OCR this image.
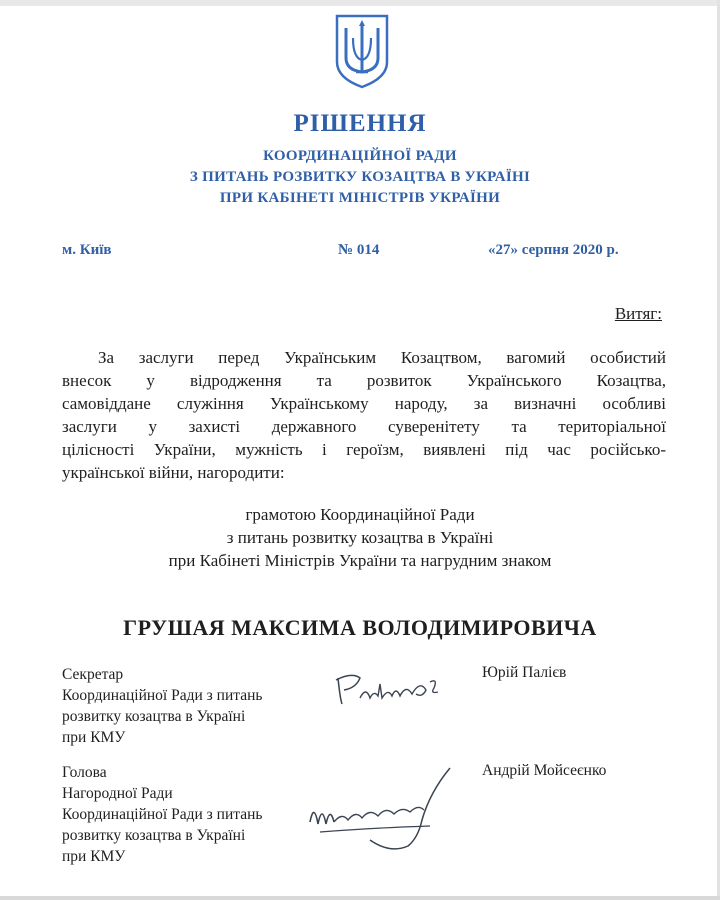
РІШЕННЯ
КООРДИНАЦІЙНОЇ РАДИ
З ПИТАНЬ РОЗВИТКУ КОЗАЦТВА В УКРАЇНІ
ПРИ КАБІНЕТІ МІНІСТРІВ УКРАЇНИ
м. Київ	№ 014	«27» серпня 2020 р.
Витяг:
За заслуги перед Українським Козацтвом, вагомий особистий
внесок у відродження та розвиток Українського Козацтва,
самовіддане служіння Українському народу, за визначні особливі
заслуги у захисті державного суверенітету та територіальної
цілісності України, мужність і героїзм, виявлені під час російсько-
української війни, нагородити:
грамотою Координаційної Ради
з питань розвитку козацтва в Україні
при Кабінеті Міністрів України та нагрудним знаком
ГРУШАЯ МАКСИМА ВОЛОДИМИРОВИЧА
Секретар
Координаційної Ради з питань
розвитку козацтва в Україні
при КМУ
Юрій Палієв
Голова
Нагородної Ради
Координаційної Ради з питань
розвитку козацтва в Україні
при КМУ
Андрій Мойсеєнко
